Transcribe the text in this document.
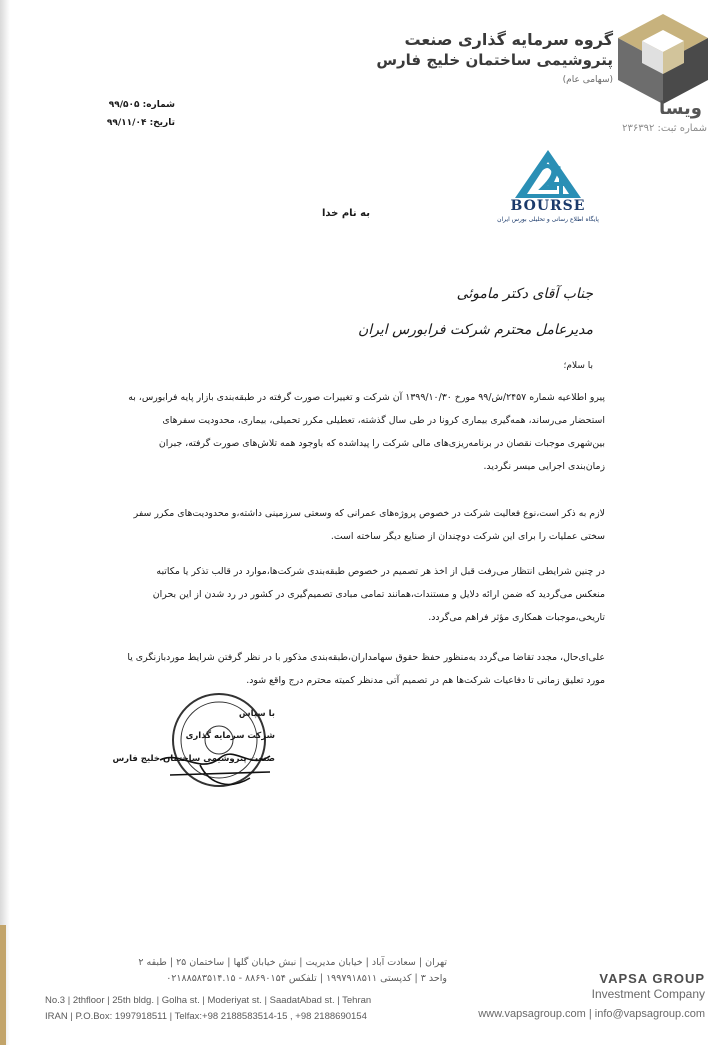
گروه سرمایه گذاری صنعت
پتروشیمی ساختمان خلیج فارس
(سهامی عام)
ویسا
شماره ثبت: ۲۳۶۳۹۲
شماره: ۹۹/۵۰۵
تاریخ: ۹۹/۱۱/۰۴
BOURSE
پایگاه اطلاع رسانی و تحلیلی بورس ایران
به نام خدا
جناب آقای دکتر ماموئی
مدیرعامل محترم شرکت فرابورس ایران
با سلام؛
پیرو اطلاعیه شماره ۲۴۵۷/ش/۹۹ مورخ ۱۳۹۹/۱۰/۳۰ آن شرکت و تغییرات صورت گرفته در طبقه‌بندی بازار پایه فرابورس، به استحضار می‌رساند، همه‌گیری بیماری کرونا در طی سال گذشته، تعطیلی مکرر تحمیلی، بیماری، محدودیت سفرهای بین‌شهری موجبات نقصان در برنامه‌ریزی‌های مالی شرکت را پیداشده که باوجود همه تلاش‌های صورت گرفته، جبران زمان‌بندی اجرایی میسر نگردید.
لازم به ذکر است،نوع فعالیت شرکت در خصوص پروژه‌های عمرانی که وسعتی سرزمینی داشته،و محدودیت‌های مکرر سفر سختی عملیات را برای این شرکت دوچندان از صنایع دیگر ساخته است.
در چنین شرایطی انتظار می‌رفت قبل از اخذ هر تصمیم در خصوص طبقه‌بندی شرکت‌ها،موارد در قالب تذکر یا مکاتبه منعکس می‌گردید که ضمن ارائه دلایل و مستندات،همانند تمامی مبادی تصمیم‌گیری در کشور در رد شدن از این بحران تاریخی،موجبات همکاری مؤثر فراهم می‌گردد.
علی‌ای‌حال، مجدد تقاضا می‌گردد به‌منظور حفظ حقوق سهامداران،طبقه‌بندی مذکور با در نظر گرفتن شرایط موردبازنگری یا مورد تعلیق زمانی تا دفاعیات شرکت‌ها هم در تصمیم آتی مدنظر کمیته محترم درج واقع شود.
با سپاس
شرکت سرمایه گذاری
صنعت پتروشیمی ساختمان خلیج فارس
تهران | سعادت آباد | خیابان مدیریت | نبش خیابان گلها | ساختمان ۲۵ | طبقه ۲
واحد ۳ | کدپستی ۱۹۹۷۹۱۸۵۱۱ | تلفکس ۸۸۶۹۰۱۵۴ - ۰۲۱۸۸۵۸۳۵۱۴.۱۵
No.3 | 2thfloor | 25th bldg. | Golha st. | Moderiyat st. | SaadatAbad st. | Tehran
IRAN | P.O.Box: 1997918511 | Telfax:+98 2188583514-15 , +98 2188690154
VAPSA GROUP
Investment Company
www.vapsagroup.com | info@vapsagroup.com
